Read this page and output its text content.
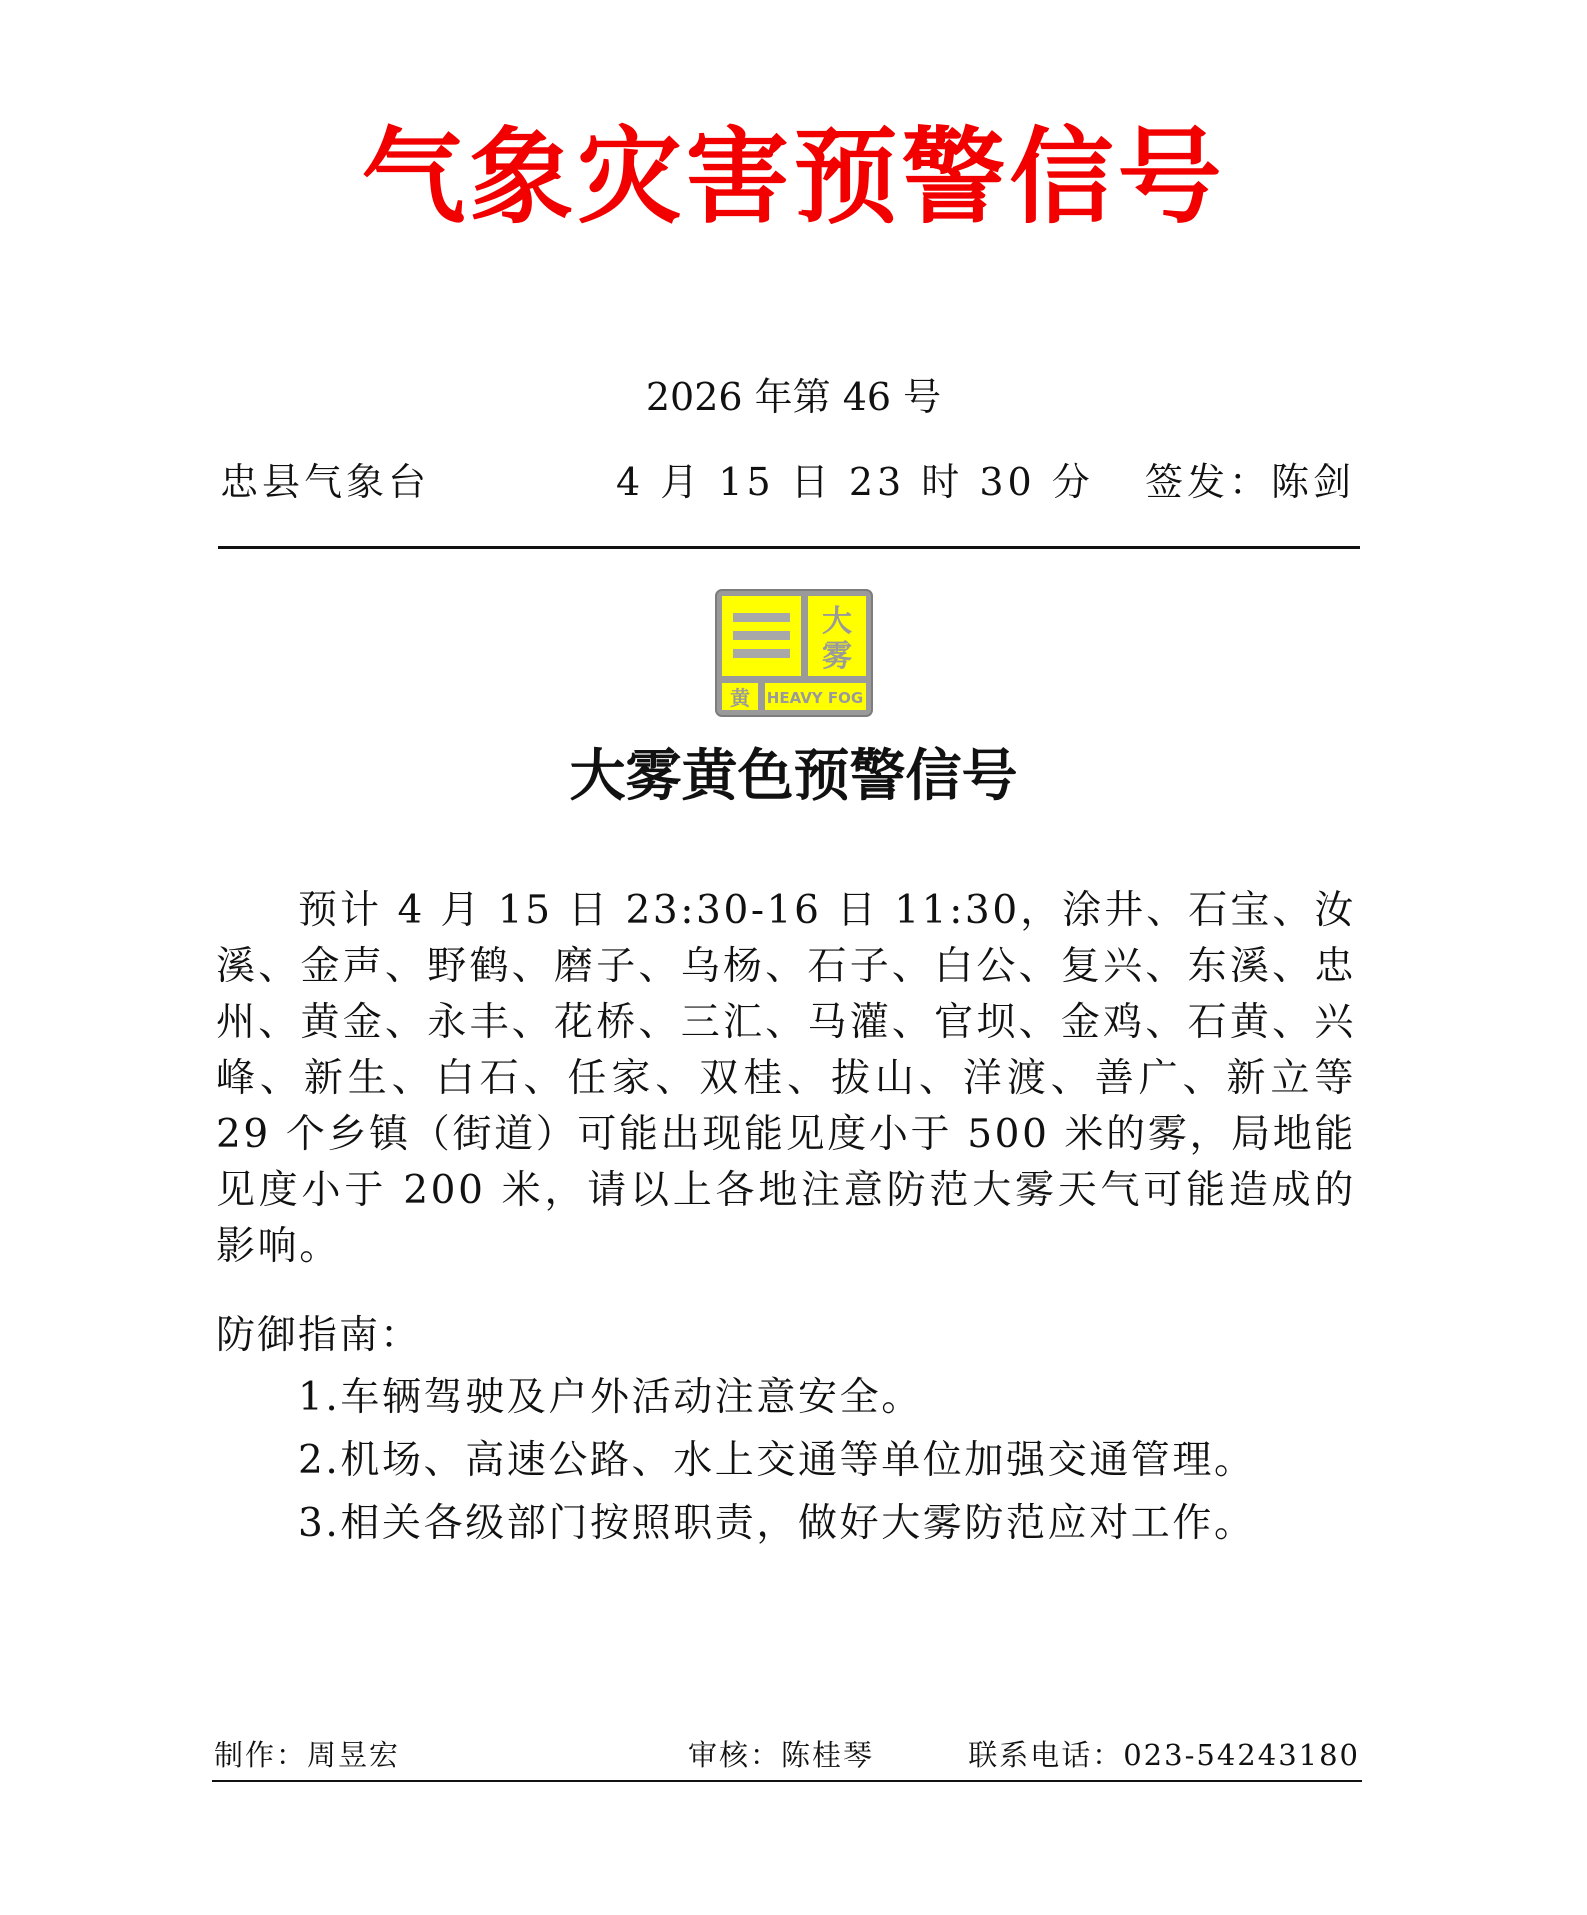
气象灾害预警信号
2026 年第 46 号
忠县气象台	4 月 15 日 23 时 30 分 签发：陈剑
大
雾
黄 HEAVY FOG
大雾黄色预警信号
预计 4 月 15 日 23:30-16 日 11:30，涂井、石宝、汝溪、金声、野鹤、磨子、乌杨、石子、白公、复兴、东溪、忠州、黄金、永丰、花桥、三汇、马灌、官坝、金鸡、石黄、兴峰、新生、白石、任家、双桂、拔山、洋渡、善广、新立等 29 个乡镇（街道）可能出现能见度小于 500 米的雾，局地能见度小于 200 米，请以上各地注意防范大雾天气可能造成的影响。
防御指南：
1.车辆驾驶及户外活动注意安全。
2.机场、高速公路、水上交通等单位加强交通管理。
3.相关各级部门按照职责，做好大雾防范应对工作。
制作：周昱宏	审核：陈桂琴	联系电话：023-54243180
